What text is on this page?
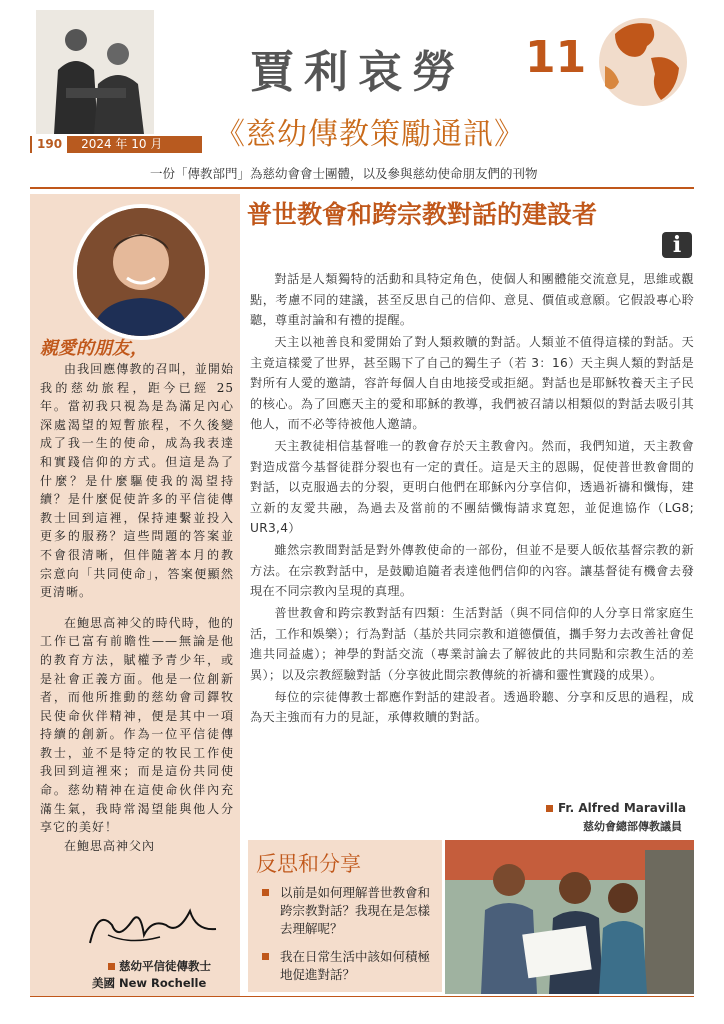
190 2024 年 10 月
賈利哀勞 11
《慈幼傳教策勵通訊》
一份「傳教部門」為慈幼會會士團體，以及參與慈幼使命朋友們的刊物
親愛的朋友，

由我回應傳教的召叫，並開始我的慈幼旅程，距今已經 25 年。當初我只視為是為滿足內心深處渴望的短暫旅程，不久後變成了我一生的使命，成為我表達和實踐信仰的方式。但這是為了什麼？是什麼驅使我的渴望持續？是什麼促使許多的平信徒傳教士回到這裡，保持連繫並投入更多的服務？這些問題的答案並不會很清晰，但伴隨著本月的教宗意向「共同使命」，答案便顯然更清晰。

在鮑思高神父的時代時，他的工作已富有前瞻性——無論是他的教育方法，賦權予青少年，或是社會正義方面。他是一位創新者，而他所推動的慈幼會司鐸牧民使命伙伴精神，便是其中一項持續的創新。作為一位平信徒傳教士，並不是特定的牧民工作使我回到這裡來；而是這份共同使命。慈幼精神在這使命伙伴內充滿生氣，我時常渴望能與他人分享它的美好！

在鮑思高神父內

慈幼平信徒傳教士
美國 New Rochelle
普世教會和跨宗教對話的建設者
i

對話是人類獨特的活動和具特定角色，使個人和團體能交流意見，思維或觀點，考慮不同的建議，甚至反思自己的信仰、意見、價值或意願。它假設專心聆聽，尊重討論和有禮的提醒。

天主以祂善良和愛開始了對人類救贖的對話。人類並不值得這樣的對話。天主竟這樣愛了世界，甚至賜下了自己的獨生子（若 3：16）天主與人類的對話是對所有人愛的邀請，容許每個人自由地接受或拒絕。對話也是耶穌牧養天主子民的核心。為了回應天主的愛和耶穌的教導，我們被召請以相類似的對話去吸引其他人，而不必等待被他人邀請。

天主教徒相信基督唯一的教會存於天主教會內。然而，我們知道，天主教會對造成當今基督徒群分裂也有一定的責任。這是天主的恩賜，促使普世教會間的對話，以克服過去的分裂，更明白他們在耶穌內分享信仰，透過祈禱和懺悔，建立新的友愛共融，為過去及當前的不團結懺悔請求寬恕，並促進協作（LG8; UR3,4）

雖然宗教間對話是對外傳教使命的一部份，但並不是要人皈依基督宗教的新方法。在宗教對話中，是鼓勵追隨者表達他們信仰的內容。讓基督徒有機會去發現在不同宗教內呈現的真理。

普世教會和跨宗教對話有四類：生活對話（與不同信仰的人分享日常家庭生活，工作和娛樂）；行為對話（基於共同宗教和道德價值，攜手努力去改善社會促進共同益處）；神學的對話交流（專業討論去了解彼此的共同點和宗教生活的差異）；以及宗教經驗對話（分享彼此間宗教傳統的祈禱和靈性實踐的成果）。

每位的宗徒傳教士都應作對話的建設者。透過聆聽、分享和反思的過程，成為天主強而有力的見証，承傳救贖的對話。

Fr. Alfred Maravilla
慈幼會總部傳教議員
反思和分享
以前是如何理解普世教會和跨宗教對話？我現在是怎樣去理解呢？
我在日常生活中該如何積極地促進對話？
